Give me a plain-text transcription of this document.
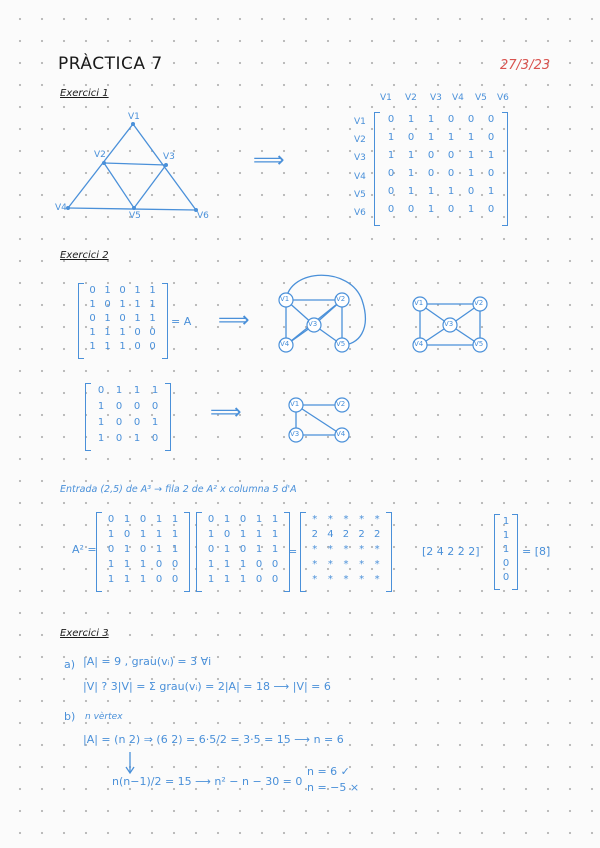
PRÀCTICA 7	27/3/23
Exercici 1
V1
V2	V3
V4
V5	V6
⟹
V1 V2 V3 V4 V5 V6
V1
V2
V3
V4
V5
V6
0	1	1	0	0	0
1	0	1	1	1	0
1	1	0	0	1	1
0	1	0	0	1	0
0	1	1	1	0	1
0	0	1	0	1	0
Exercici 2
0 1 0 1 1
1 0 1 1 1
0 1 0 1 1
1 1 1 0 0
1 1 1 0 0
= A ⟹
V1	V2
V3
V4	V5
V1	V2
V3
V4	V5
0	1	1	1
1	0	0	0
1	0	0	1
1	0	1	0
⟹	V1	V2
V3	V4
Entrada (2,5) de A³ → fila 2 de A² x columna 5 d'A
A² =
0 1 0 1 1
1 0 1 1 1
0 1 0 1 1
1 1 1 0 0
1 1 1 0 0
0 1 0 1 1
1 0 1 1 1
0 1 0 1 1
1 1 1 0 0
1 1 1 0 0
=
*	*	*	*	*
2 4 2 2 2
*	*	*	*	*
*	*	*	*	*
*	*	*	*	*
[2 4 2 2 2]
1
1
1
0
0
= [8]
Exercici 3
a) |A| = 9 , grau(vᵢ) = 3 ∀i
|V| ? 3|V| = Σ grau(vᵢ) = 2|A| = 18 ⟶ |V| = 6
b) n vèrtex
|A| = (n 2) ⇒ (6 2) = 6·5/2 = 3·5 = 15 ⟶ n = 6
n(n−1)/2 = 15 ⟶ n² − n − 30 = 0
n = 6 ✓
n = −5 ×
